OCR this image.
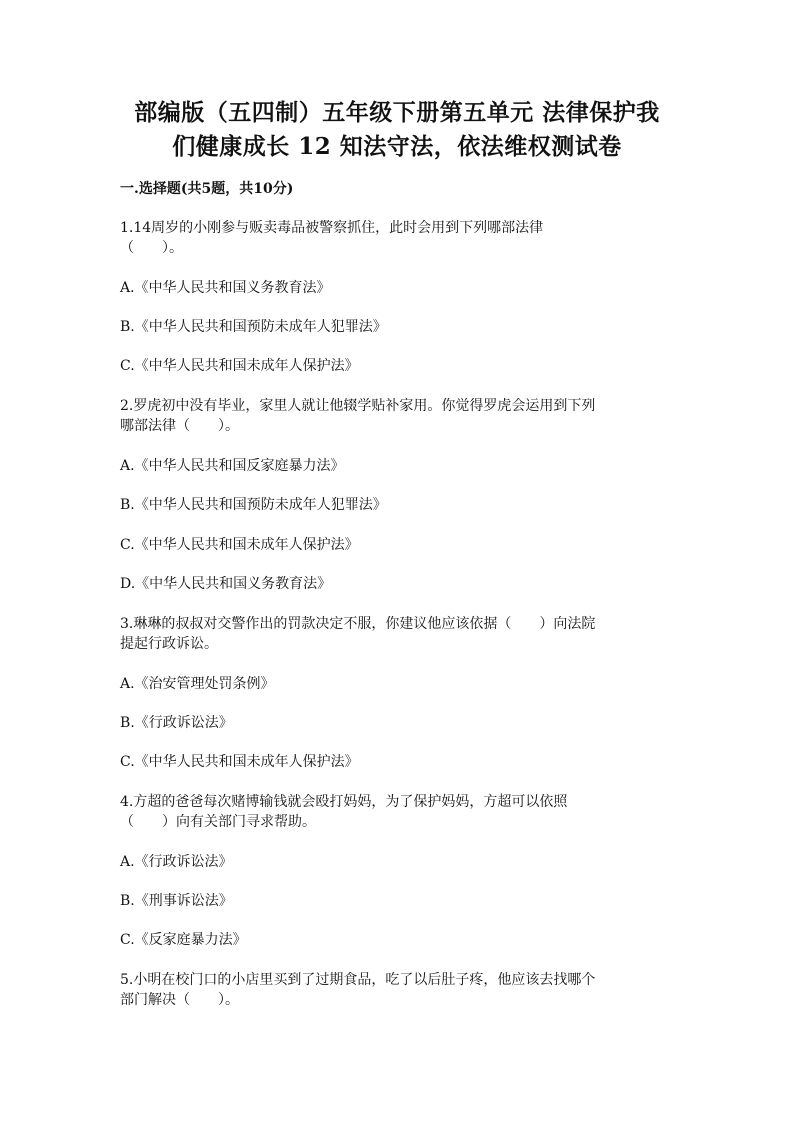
部编版（五四制）五年级下册第五单元 法律保护我
们健康成长 12 知法守法，依法维权测试卷
一.选择题(共5题，共10分)
1.14周岁的小刚参与贩卖毒品被警察抓住，此时会用到下列哪部法律
（　　）。
A.《中华人民共和国义务教育法》
B.《中华人民共和国预防未成年人犯罪法》
C.《中华人民共和国未成年人保护法》
2.罗虎初中没有毕业，家里人就让他辍学贴补家用。你觉得罗虎会运用到下列
哪部法律（　　）。
A.《中华人民共和国反家庭暴力法》
B.《中华人民共和国预防未成年人犯罪法》
C.《中华人民共和国未成年人保护法》
D.《中华人民共和国义务教育法》
3.琳琳的叔叔对交警作出的罚款决定不服，你建议他应该依据（　　）向法院
提起行政诉讼。
A.《治安管理处罚条例》
B.《行政诉讼法》
C.《中华人民共和国未成年人保护法》
4.方超的爸爸每次赌博输钱就会殴打妈妈，为了保护妈妈，方超可以依照
（　　）向有关部门寻求帮助。
A.《行政诉讼法》
B.《刑事诉讼法》
C.《反家庭暴力法》
5.小明在校门口的小店里买到了过期食品，吃了以后肚子疼，他应该去找哪个
部门解决（　　）。
